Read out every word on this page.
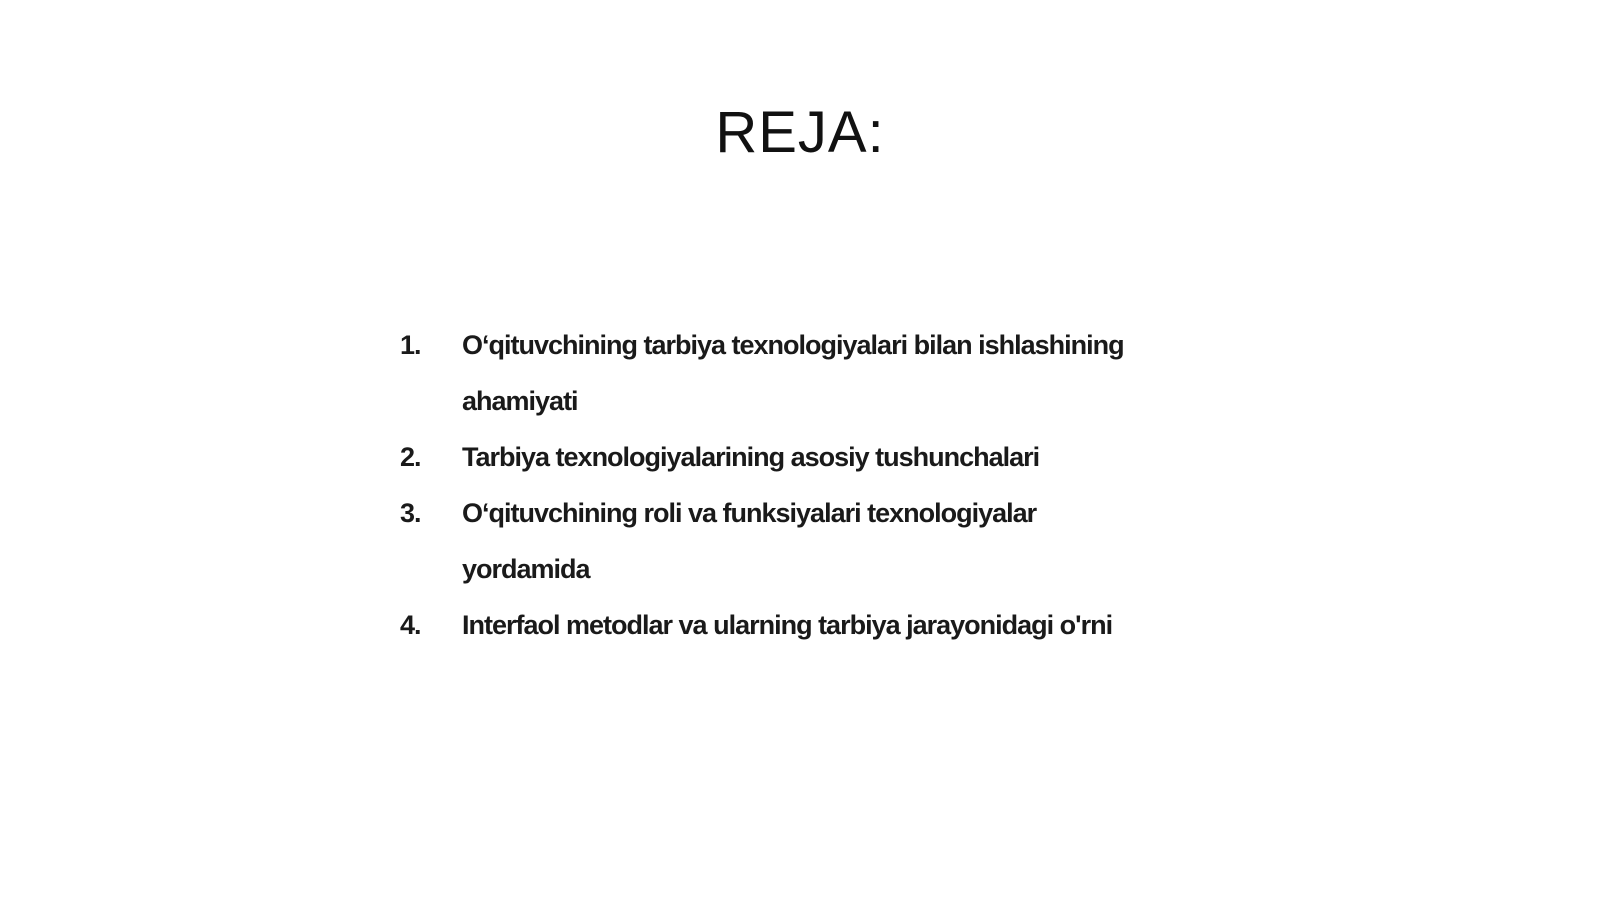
REJA:
1.	O‘qituvchining tarbiya texnologiyalari bilan ishlashining ahamiyati
2.	Tarbiya texnologiyalarining asosiy tushunchalari
3.	O‘qituvchining roli va funksiyalari texnologiyalar yordamida
4.	Interfaol metodlar va ularning tarbiya jarayonidagi o'rni
